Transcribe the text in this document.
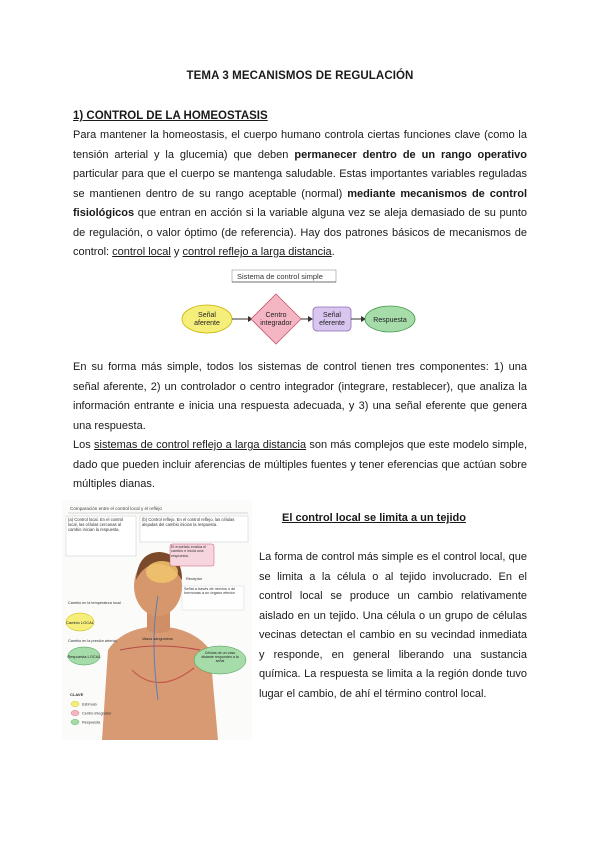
TEMA 3 MECANISMOS DE REGULACIÓN
1) CONTROL DE LA HOMEOSTASIS

Para mantener la homeostasis, el cuerpo humano controla ciertas funciones clave (como la tensión arterial y la glucemia) que deben permanecer dentro de un rango operativo particular para que el cuerpo se mantenga saludable. Estas importantes variables reguladas se mantienen dentro de su rango aceptable (normal) mediante mecanismos de control fisiológicos que entran en acción si la variable alguna vez se aleja demasiado de su punto de regulación, o valor óptimo (de referencia). Hay dos patrones básicos de mecanismos de control: control local y control reflejo a larga distancia.

Sistema de control simple
Señal
aferente
Centro
integrador
Señal
eferente	Respuesta

En su forma más simple, todos los sistemas de control tienen tres componentes: 1) una señal aferente, 2) un controlador o centro integrador (integrare, restablecer), que analiza la información entrante e inicia una respuesta adecuada, y 3) una señal eferente que genera una respuesta.

Los sistemas de control reflejo a larga distancia son más complejos que este modelo simple, dado que pueden incluir aferencias de múltiples fuentes y tener eferencias que actúan sobre múltiples dianas.

Comparación entre el control local y el reflejo
(a) Control local. En el control local, las células cercanas al cambio inician la respuesta.
(b) Control reflejo. En el control reflejo, las células alejadas del cambio inician la respuesta.
El encéfalo evalúa el cambio e inicia una respuesta.
Receptor
Señal a través de nervios o de hormonas a un órgano efector
Cambio en la temperatura local
Cambio LOCAL
Cambio en la presión arterial
Respuesta LOCAL
Vasos sanguíneos
Células de un vaso distante responden a la señal
CLAVE
Estímulo
Centro integrador
Respuesta
El control local se limita a un tejido

La forma de control más simple es el control local, que se limita a la célula o al tejido involucrado. En el control local se produce un cambio relativamente aislado en un tejido. Una célula o un grupo de células vecinas detectan el cambio en su vecindad inmediata y responde, en general liberando una sustancia química. La respuesta se limita a la región donde tuvo lugar el cambio, de ahí el término control local.
